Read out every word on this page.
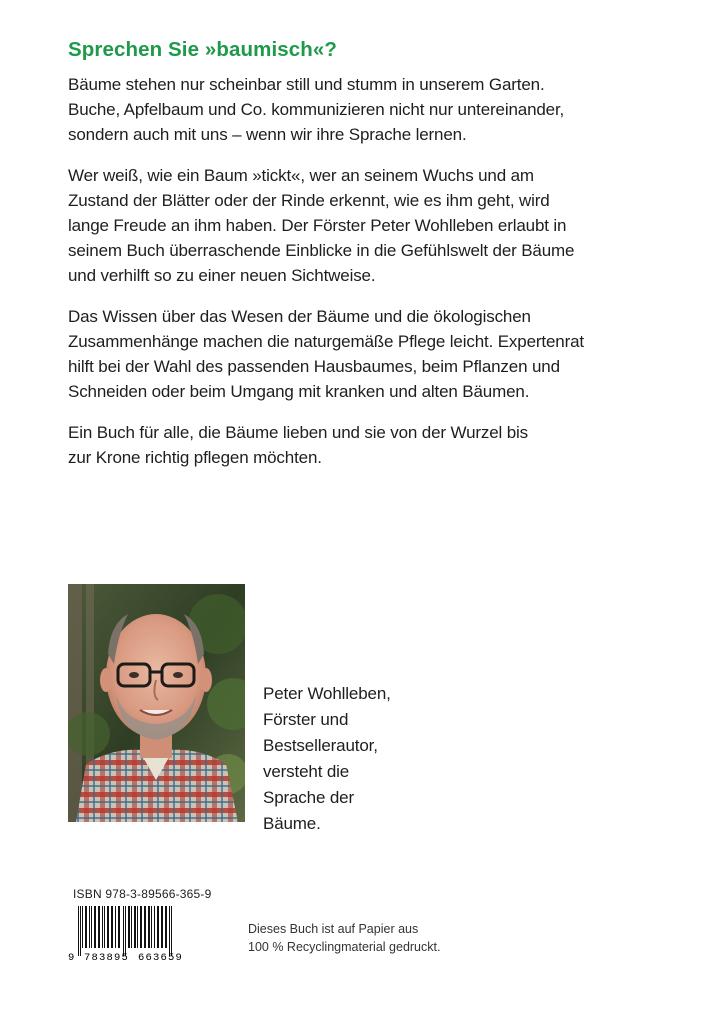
Sprechen Sie »baumisch«?

Bäume stehen nur scheinbar still und stumm in unserem Garten.
Buche, Apfelbaum und Co. kommunizieren nicht nur untereinander,
sondern auch mit uns – wenn wir ihre Sprache lernen.

Wer weiß, wie ein Baum »tickt«, wer an seinem Wuchs und am
Zustand der Blätter oder der Rinde erkennt, wie es ihm geht, wird
lange Freude an ihm haben. Der Förster Peter Wohlleben erlaubt in
seinem Buch überraschende Einblicke in die Gefühlswelt der Bäume
und verhilft so zu einer neuen Sichtweise.

Das Wissen über das Wesen der Bäume und die ökologischen
Zusammenhänge machen die naturgemäße Pflege leicht. Expertenrat
hilft bei der Wahl des passenden Hausbaumes, beim Pflanzen und
Schneiden oder beim Umgang mit kranken und alten Bäumen.

Ein Buch für alle, die Bäume lieben und sie von der Wurzel bis
zur Krone richtig pflegen möchten.

Peter Wohlleben,
Förster und
Bestsellerautor,
versteht die
Sprache der
Bäume.
ISBN 978-3-89566-365-9
9 783895 663659
Dieses Buch ist auf Papier aus
100 % Recyclingmaterial gedruckt.
